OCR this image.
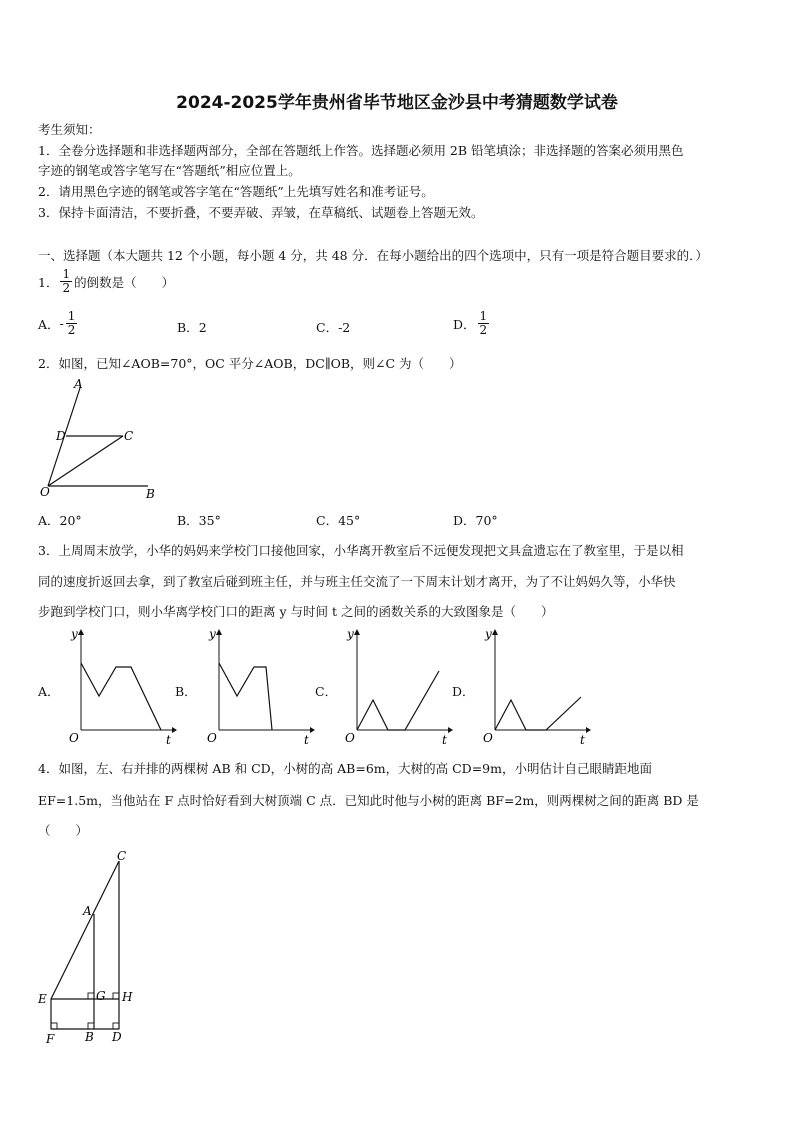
2024-2025学年贵州省毕节地区金沙县中考猜题数学试卷
考生须知：
1．全卷分选择题和非选择题两部分，全部在答题纸上作答。选择题必须用 2B 铅笔填涂；非选择题的答案必须用黑色
字迹的钢笔或答字笔写在“答题纸”相应位置上。
2．请用黑色字迹的钢笔或答字笔在“答题纸”上先填写姓名和准考证号。
3．保持卡面清洁，不要折叠，不要弄破、弄皱，在草稿纸、试题卷上答题无效。
一、选择题（本大题共 12 个小题，每小题 4 分，共 48 分．在每小题给出的四个选项中，只有一项是符合题目要求的．）
1． $\frac{1}{2}$ 的倒数是（　　）
A． - $\frac{1}{2}$	B．2	C．-2	D． $\frac{1}{2}$
2．如图，已知∠AOB=70°，OC 平分∠AOB，DC∥OB，则∠C 为（　　）
A
D	C
O	B
A．20°	B．35°	C．45°	D．70°
3．上周周末放学，小华的妈妈来学校门口接他回家，小华离开教室后不远便发现把文具盒遗忘在了教室里，于是以相
同的速度折返回去拿，到了教室后碰到班主任，并与班主任交流了一下周末计划才离开，为了不让妈妈久等，小华快
步跑到学校门口，则小华离学校门口的距离 y 与时间 t 之间的函数关系的大致图象是（　　）
A．	B．	C．	D．
y
t
O
y
t
O
y
t
O
y
t
O
4．如图，左、右并排的两棵树 AB 和 CD，小树的高 AB=6m，大树的高 CD=9m，小明估计自己眼睛距地面
EF=1.5m，当他站在 F 点时恰好看到大树顶端 C 点．已知此时他与小树的距离 BF=2m，则两棵树之间的距离 BD 是
（　　）
C
A
E	G H
F	B D
